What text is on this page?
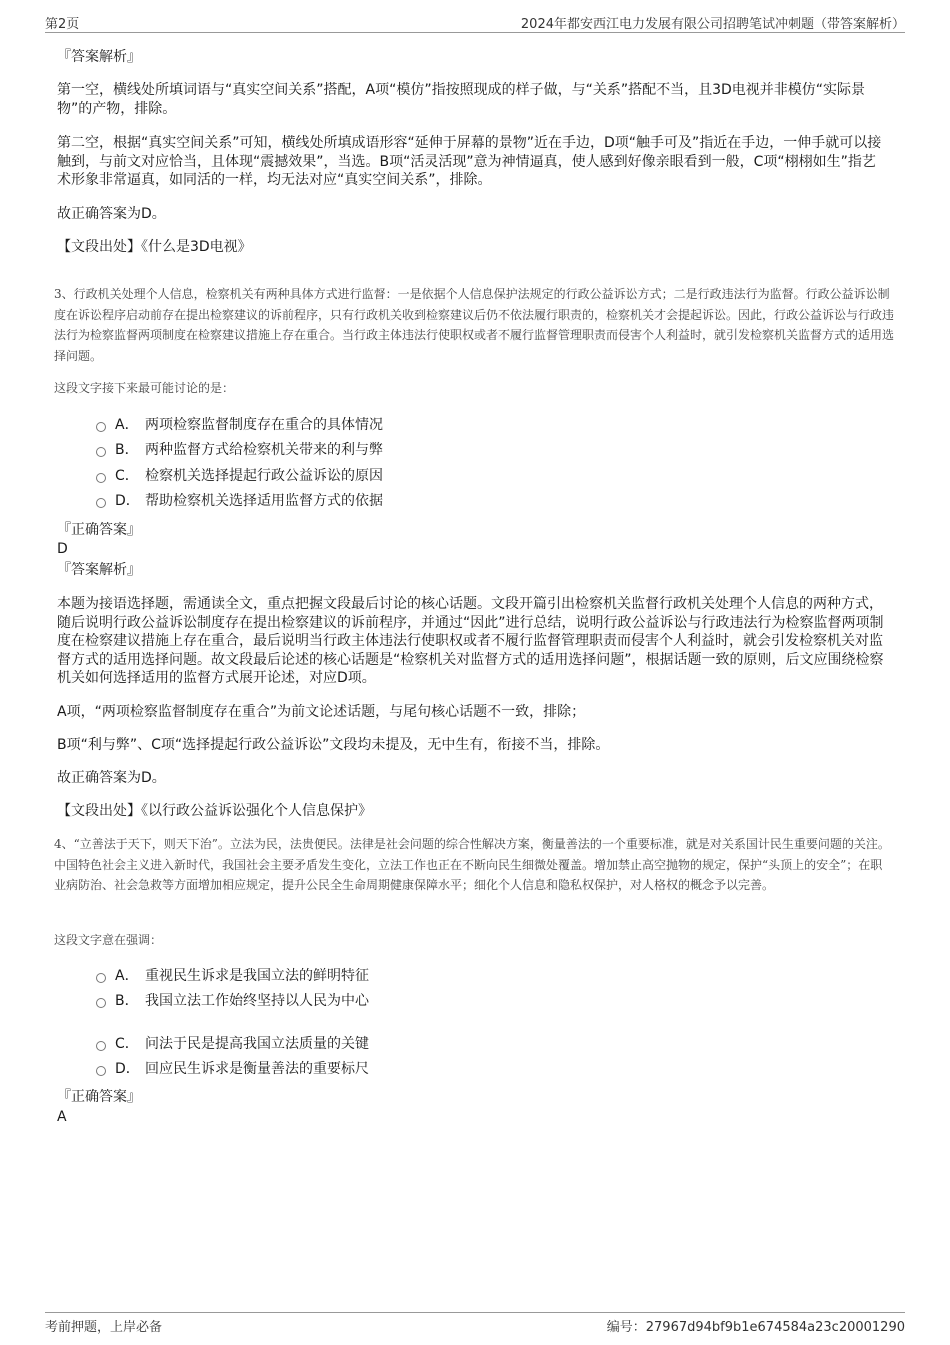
第2页	2024年都安西江电力发展有限公司招聘笔试冲刺题（带答案解析）
『答案解析』
第一空，横线处所填词语与“真实空间关系”搭配，A项“模仿”指按照现成的样子做，与“关系”搭配不当，且3D电视并非模仿“实际景物”的产物，排除。
第二空，根据“真实空间关系”可知，横线处所填成语形容“延伸于屏幕的景物”近在手边，D项“触手可及”指近在手边，一伸手就可以接触到，与前文对应恰当，且体现“震撼效果”，当选。B项“活灵活现”意为神情逼真，使人感到好像亲眼看到一般，C项“栩栩如生”指艺术形象非常逼真，如同活的一样，均无法对应“真实空间关系”，排除。
故正确答案为D。
【文段出处】《什么是3D电视》
3、行政机关处理个人信息，检察机关有两种具体方式进行监督：一是依据个人信息保护法规定的行政公益诉讼方式；二是行政违法行为监督。行政公益诉讼制度在诉讼程序启动前存在提出检察建议的诉前程序，只有行政机关收到检察建议后仍不依法履行职责的，检察机关才会提起诉讼。因此，行政公益诉讼与行政违法行为检察监督两项制度在检察建议措施上存在重合。当行政主体违法行使职权或者不履行监督管理职责而侵害个人利益时，就引发检察机关监督方式的适用选择问题。
这段文字接下来最可能讨论的是：
A． 两项检察监督制度存在重合的具体情况
B． 两种监督方式给检察机关带来的利与弊
C． 检察机关选择提起行政公益诉讼的原因
D． 帮助检察机关选择适用监督方式的依据
『正确答案』
D
『答案解析』
本题为接语选择题，需通读全文，重点把握文段最后讨论的核心话题。文段开篇引出检察机关监督行政机关处理个人信息的两种方式，随后说明行政公益诉讼制度存在提出检察建议的诉前程序，并通过“因此”进行总结，说明行政公益诉讼与行政违法行为检察监督两项制度在检察建议措施上存在重合，最后说明当行政主体违法行使职权或者不履行监督管理职责而侵害个人利益时，就会引发检察机关对监督方式的适用选择问题。故文段最后论述的核心话题是“检察机关对监督方式的适用选择问题”，根据话题一致的原则，后文应围绕检察机关如何选择适用的监督方式展开论述，对应D项。
A项，“两项检察监督制度存在重合”为前文论述话题，与尾句核心话题不一致，排除；
B项“利与弊”、C项“选择提起行政公益诉讼”文段均未提及，无中生有，衔接不当，排除。
故正确答案为D。
【文段出处】《以行政公益诉讼强化个人信息保护》
4、“立善法于天下，则天下治”。立法为民，法贵便民。法律是社会问题的综合性解决方案，衡量善法的一个重要标准，就是对关系国计民生重要问题的关注。中国特色社会主义进入新时代，我国社会主要矛盾发生变化，立法工作也正在不断向民生细微处覆盖。增加禁止高空抛物的规定，保护“头顶上的安全”；在职业病防治、社会急救等方面增加相应规定，提升公民全生命周期健康保障水平；细化个人信息和隐私权保护，对人格权的概念予以完善。
这段文字意在强调：
A． 重视民生诉求是我国立法的鲜明特征
B． 我国立法工作始终坚持以人民为中心
C． 问法于民是提高我国立法质量的关键
D． 回应民生诉求是衡量善法的重要标尺
『正确答案』
A
考前押题，上岸必备	编号：27967d94bf9b1e674584a23c20001290
